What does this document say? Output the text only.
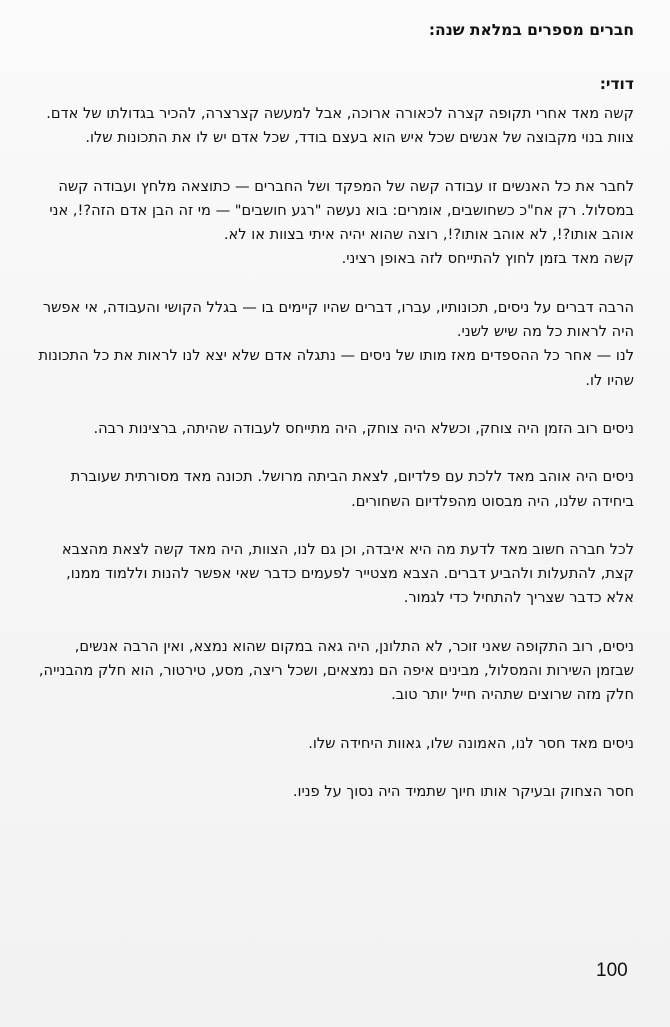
חברים מספרים במלאת שנה:
דודי:

קשה מאד אחרי תקופה קצרה לכאורה ארוכה, אבל למעשה קצרצרה, להכיר בגדולתו של אדם. צוות בנוי מקבוצה של אנשים שכל איש הוא בעצם בודד, שכל אדם יש לו את התכונות שלו.

לחבר את כל האנשים זו עבודה קשה של המפקד ושל החברים — כתוצאה מלחץ ועבודה קשה במסלול. רק אח"כ כשחושבים, אומרים: בוא נעשה "רגע חושבים" — מי זה הבן אדם הזה?!, אני אוהב אותו?!, לא אוהב אותו?!, רוצה שהוא יהיה איתי בצוות או לא.

קשה מאד בזמן לחוץ להתייחס לזה באופן רציני.

הרבה דברים על ניסים, תכונותיו, עברו, דברים שהיו קיימים בו — בגלל הקושי והעבודה, אי אפשר היה לראות כל מה שיש לשני.

לנו — אחר כל ההספדים מאז מותו של ניסים — נתגלה אדם שלא יצא לנו לראות את כל התכונות שהיו לו.

ניסים רוב הזמן היה צוחק, וכשלא היה צוחק, היה מתייחס לעבודה שהיתה, ברצינות רבה.

ניסים היה אוהב מאד ללכת עם פלדיום, לצאת הביתה מרושל. תכונה מאד מסורתית שעוברת ביחידה שלנו, היה מבסוט מהפלדיום השחורים.

לכל חברה חשוב מאד לדעת מה היא איבדה, וכן גם לנו, הצוות, היה מאד קשה לצאת מהצבא קצת, להתעלות ולהביע דברים. הצבא מצטייר לפעמים כדבר שאי אפשר להנות וללמוד ממנו, אלא כדבר שצריך להתחיל כדי לגמור.

ניסים, רוב התקופה שאני זוכר, לא התלונן, היה גאה במקום שהוא נמצא, ואין הרבה אנשים, שבזמן השירות והמסלול, מבינים איפה הם נמצאים, ושכל ריצה, מסע, טירטור, הוא חלק מהבנייה, חלק מזה שרוצים שתהיה חייל יותר טוב.

ניסים מאד חסר לנו, האמונה שלו, גאוות היחידה שלו.

חסר הצחוק ובעיקר אותו חיוך שתמיד היה נסוך על פניו.

100
